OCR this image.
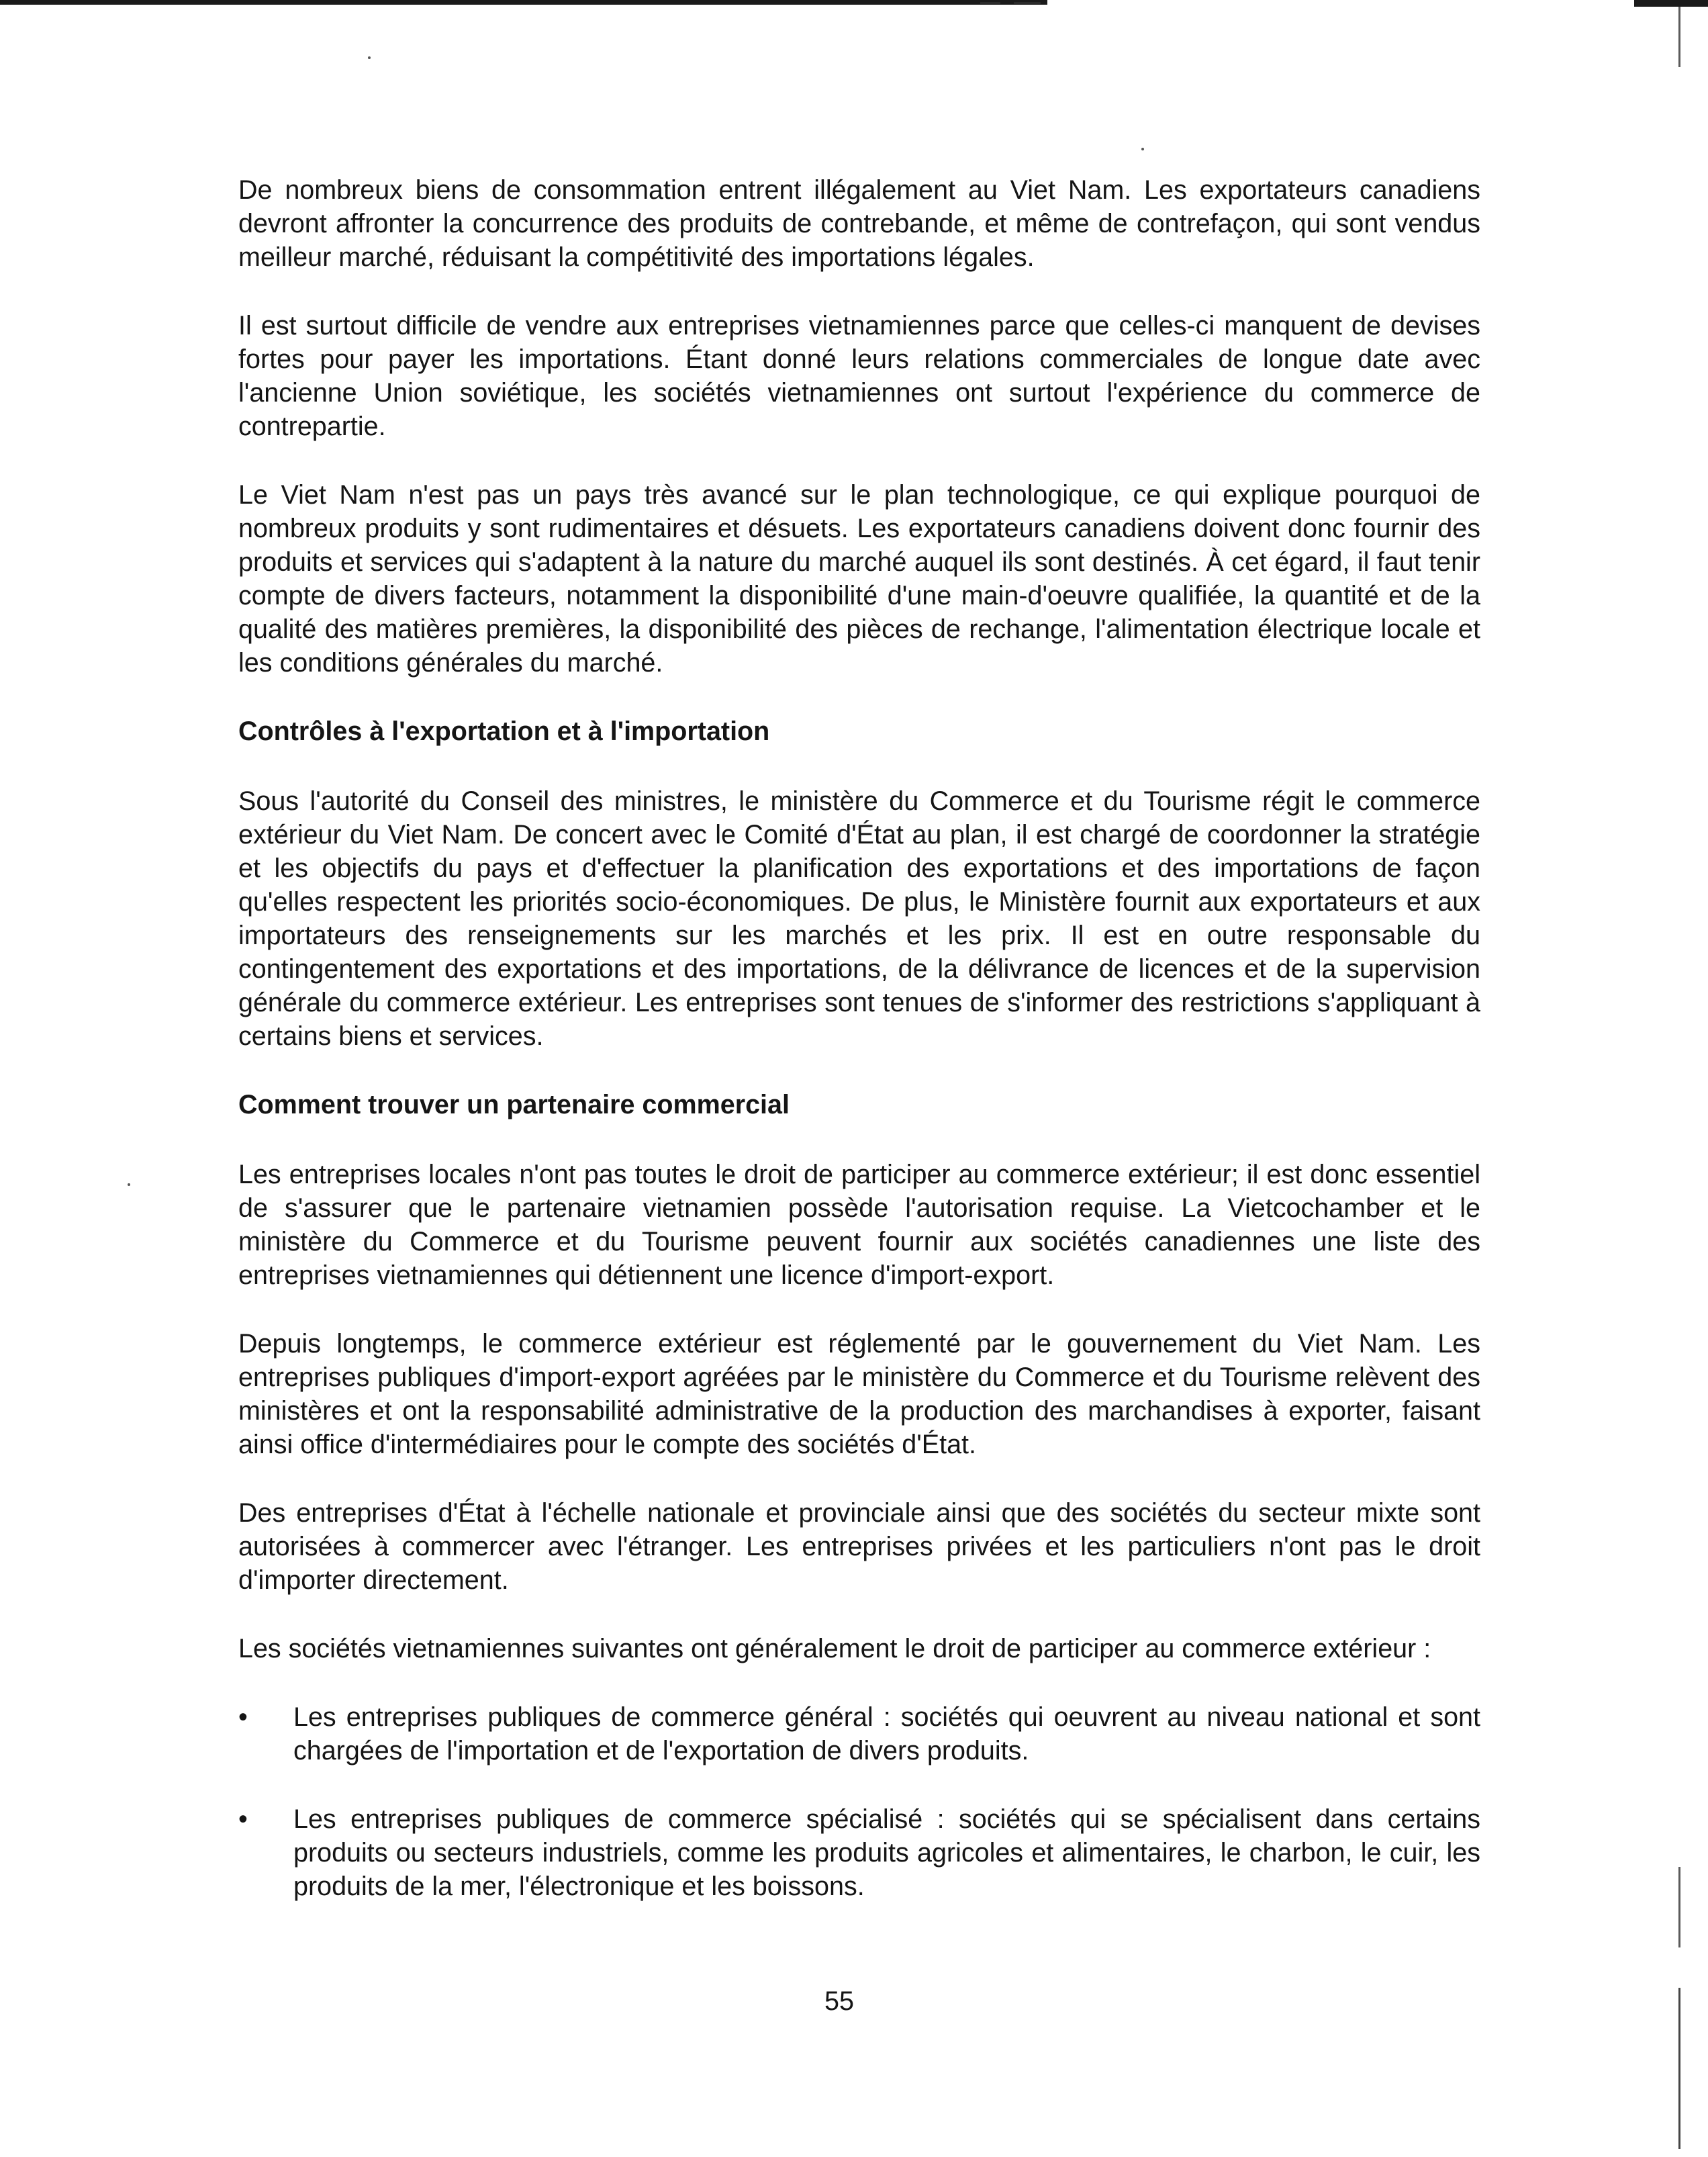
De nombreux biens de consommation entrent illégalement au Viet Nam. Les exportateurs canadiens devront affronter la concurrence des produits de contrebande, et même de contrefaçon, qui sont vendus meilleur marché, réduisant la compétitivité des importations légales.

Il est surtout difficile de vendre aux entreprises vietnamiennes parce que celles-ci manquent de devises fortes pour payer les importations. Étant donné leurs relations commerciales de longue date avec l'ancienne Union soviétique, les sociétés vietnamiennes ont surtout l'expérience du commerce de contrepartie.

Le Viet Nam n'est pas un pays très avancé sur le plan technologique, ce qui explique pourquoi de nombreux produits y sont rudimentaires et désuets. Les exportateurs canadiens doivent donc fournir des produits et services qui s'adaptent à la nature du marché auquel ils sont destinés. À cet égard, il faut tenir compte de divers facteurs, notamment la disponibilité d'une main-d'oeuvre qualifiée, la quantité et de la qualité des matières premières, la disponibilité des pièces de rechange, l'alimentation électrique locale et les conditions générales du marché.

Contrôles à l'exportation et à l'importation

Sous l'autorité du Conseil des ministres, le ministère du Commerce et du Tourisme régit le commerce extérieur du Viet Nam. De concert avec le Comité d'État au plan, il est chargé de coordonner la stratégie et les objectifs du pays et d'effectuer la planification des exportations et des importations de façon qu'elles respectent les priorités socio-économiques. De plus, le Ministère fournit aux exportateurs et aux importateurs des renseignements sur les marchés et les prix. Il est en outre responsable du contingentement des exportations et des importations, de la délivrance de licences et de la supervision générale du commerce extérieur. Les entreprises sont tenues de s'informer des restrictions s'appliquant à certains biens et services.

Comment trouver un partenaire commercial

Les entreprises locales n'ont pas toutes le droit de participer au commerce extérieur; il est donc essentiel de s'assurer que le partenaire vietnamien possède l'autorisation requise. La Vietcochamber et le ministère du Commerce et du Tourisme peuvent fournir aux sociétés canadiennes une liste des entreprises vietnamiennes qui détiennent une licence d'import-export.

Depuis longtemps, le commerce extérieur est réglementé par le gouvernement du Viet Nam. Les entreprises publiques d'import-export agréées par le ministère du Commerce et du Tourisme relèvent des ministères et ont la responsabilité administrative de la production des marchandises à exporter, faisant ainsi office d'intermédiaires pour le compte des sociétés d'État.

Des entreprises d'État à l'échelle nationale et provinciale ainsi que des sociétés du secteur mixte sont autorisées à commercer avec l'étranger. Les entreprises privées et les particuliers n'ont pas le droit d'importer directement.

Les sociétés vietnamiennes suivantes ont généralement le droit de participer au commerce extérieur :

• Les entreprises publiques de commerce général : sociétés qui oeuvrent au niveau national et sont chargées de l'importation et de l'exportation de divers produits.

• Les entreprises publiques de commerce spécialisé : sociétés qui se spécialisent dans certains produits ou secteurs industriels, comme les produits agricoles et alimentaires, le charbon, le cuir, les produits de la mer, l'électronique et les boissons.

55
